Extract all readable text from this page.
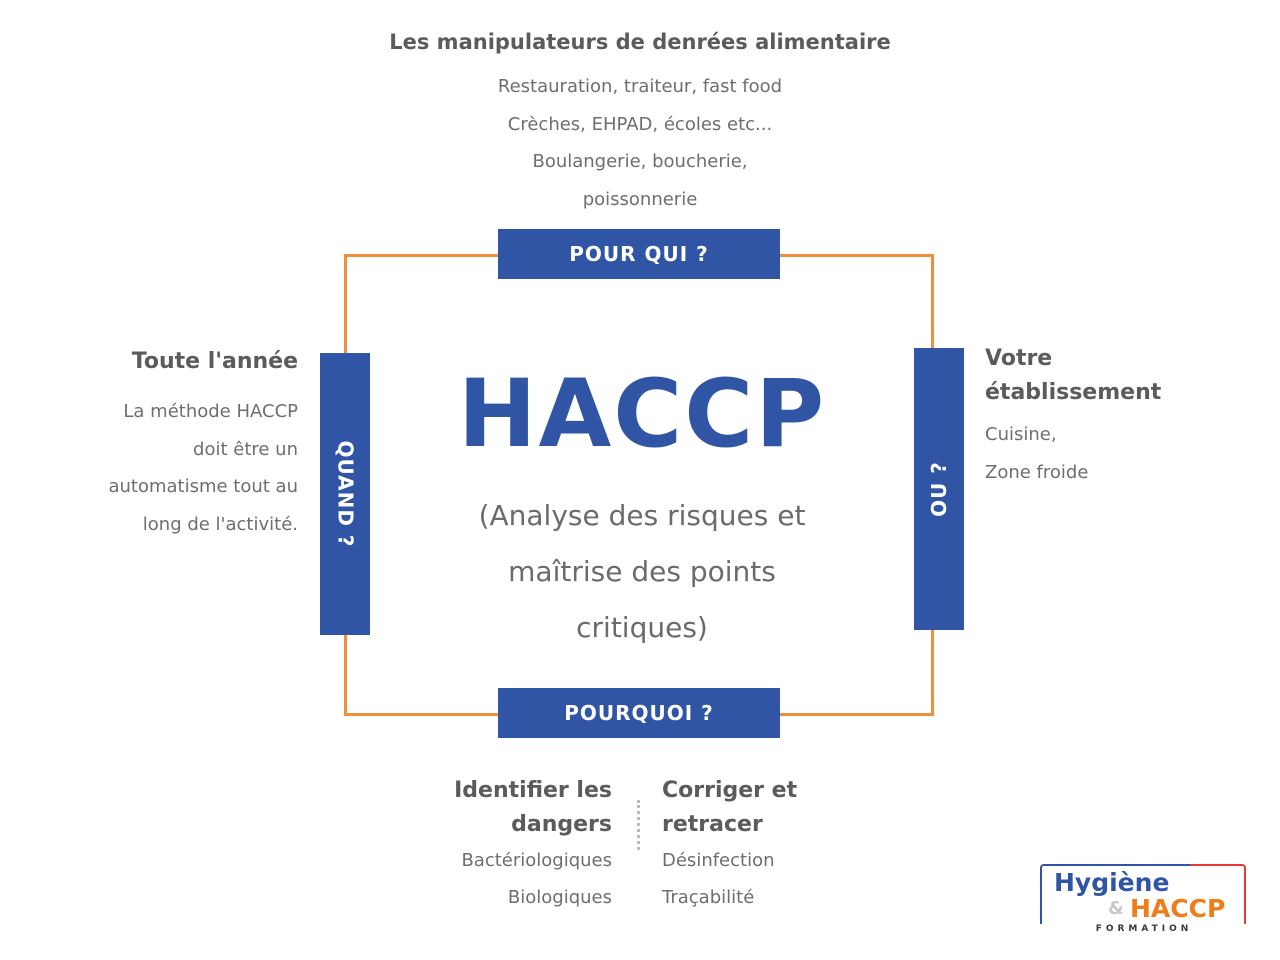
POUR QUI ?
POURQUOI ?
QUAND ?	OU ?
Les manipulateurs de denrées alimentaire
Restauration, traiteur, fast food
Crèches, EHPAD, écoles etc...
Boulangerie, boucherie,
poissonnerie
Toute l'année
La méthode HACCP
doit être un
automatisme tout au
long de l'activité.
Votre
établissement
Cuisine,
Zone froide
HACCP
(Analyse des risques et
maîtrise des points
critiques)
Identifier les
dangers
Bactériologiques
Biologiques
Corriger et
retracer
Désinfection
Traçabilité
Hygiène
& HACCP
FORMATION
